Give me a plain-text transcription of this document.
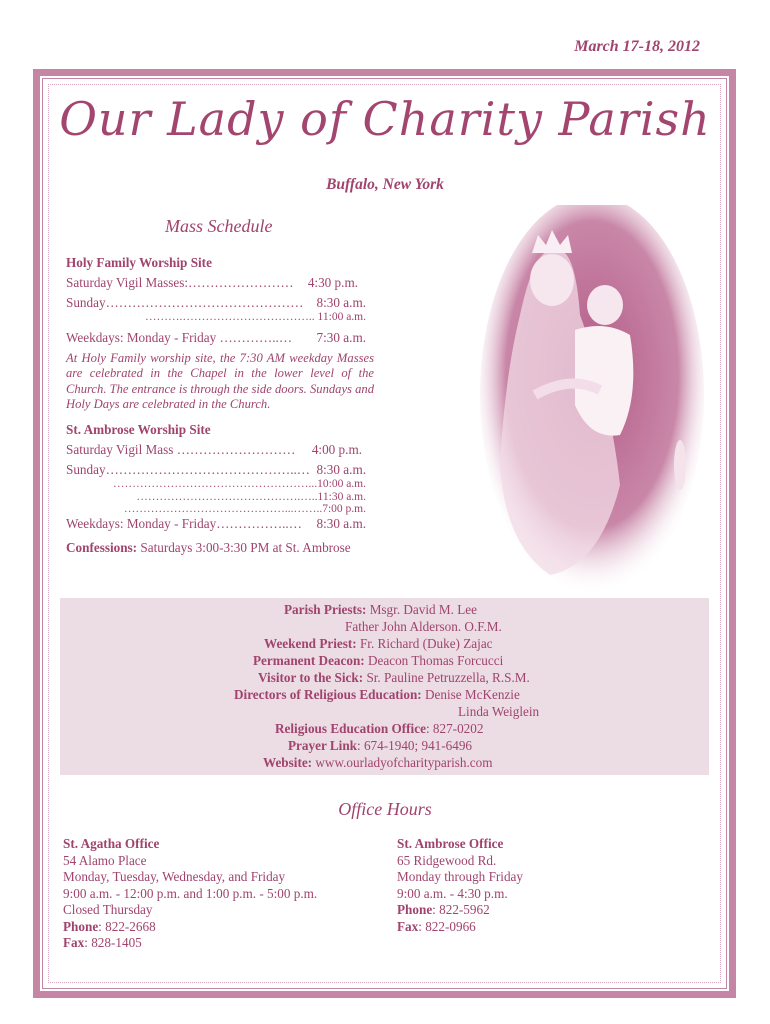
March 17-18, 2012
Our Lady of Charity Parish
Buffalo, New York
Mass Schedule
Holy Family Worship Site
Saturday Vigil Masses:…………………… 4:30 p.m.
Sunday……………………………………… 8:30 a.m.
……….…………………………….. 11:00 a.m.
Weekdays: Monday - Friday …………..… 7:30 a.m.
At Holy Family worship site, the 7:30 AM weekday Masses are celebrated in the Chapel in the lower level of the Church. The entrance is through the side doors. Sundays and Holy Days are celebrated in the Church.
St. Ambrose Worship Site
Saturday Vigil Mass ……………………… 4:00 p.m.
Sunday……………………………………..… 8:30 a.m.
……………………………………………...10:00 a.m.
…………………………………….…..11:30 a.m.
……………………………………...……..7:00 p.m.
Weekdays: Monday - Friday……………..… 8:30 a.m.
Confessions: Saturdays 3:00-3:30 PM at St. Ambrose
Parish Priests: Msgr. David M. Lee
Father John Alderson. O.F.M.
Weekend Priest: Fr. Richard (Duke) Zajac
Permanent Deacon: Deacon Thomas Forcucci
Visitor to the Sick: Sr. Pauline Petruzzella, R.S.M.
Directors of Religious Education: Denise McKenzie
Linda Weiglein
Religious Education Office: 827-0202
Prayer Link: 674-1940; 941-6496
Website: www.ourladyofcharityparish.com
Office Hours
St. Agatha Office
54 Alamo Place
Monday, Tuesday, Wednesday, and Friday
9:00 a.m. - 12:00 p.m. and 1:00 p.m. - 5:00 p.m.
Closed Thursday
Phone: 822-2668
Fax: 828-1405
St. Ambrose Office
65 Ridgewood Rd.
Monday through Friday
9:00 a.m. - 4:30 p.m.
Phone: 822-5962
Fax: 822-0966
